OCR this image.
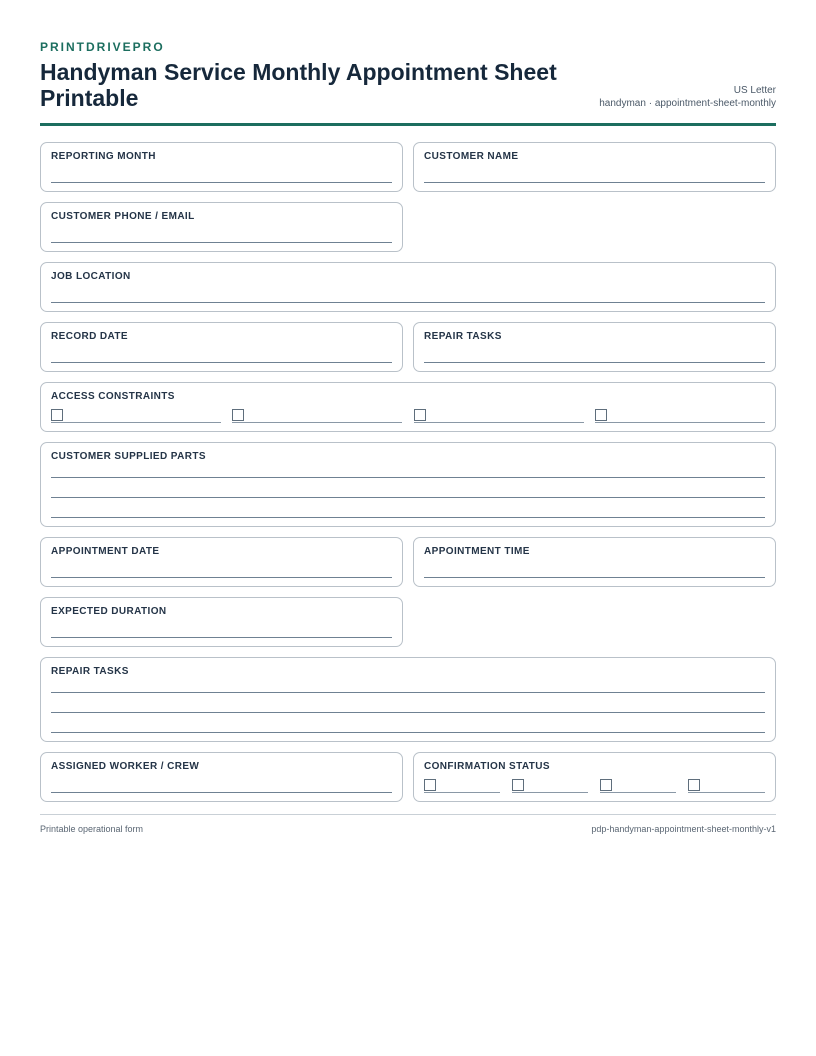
PRINTDRIVEPRO
Handyman Service Monthly Appointment Sheet Printable	US Letter
handyman · appointment-sheet-monthly
REPORTING MONTH	CUSTOMER NAME
CUSTOMER PHONE / EMAIL
JOB LOCATION
RECORD DATE	REPAIR TASKS
ACCESS CONSTRAINTS
CUSTOMER SUPPLIED PARTS
APPOINTMENT DATE	APPOINTMENT TIME
EXPECTED DURATION
REPAIR TASKS
ASSIGNED WORKER / CREW	CONFIRMATION STATUS
Printable operational form	pdp-handyman-appointment-sheet-monthly-v1
